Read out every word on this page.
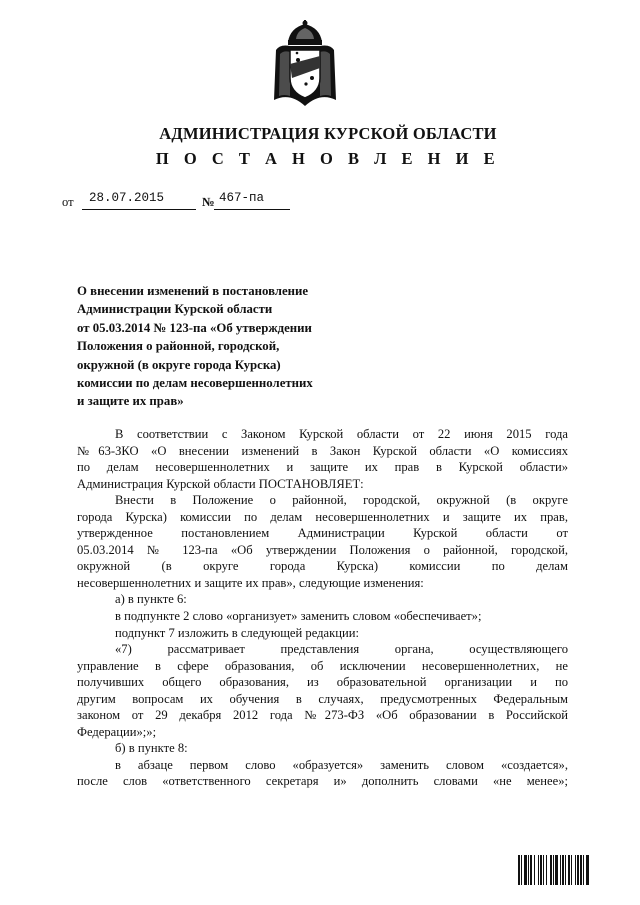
АДМИНИСТРАЦИЯ КУРСКОЙ ОБЛАСТИ
П О С Т А Н О В Л Е Н И Е
от 28.07.2015	№ 467-па
О внесении изменений в постановление
Администрации Курской области
от 05.03.2014 № 123-па «Об утверждении
Положения о районной, городской,
окружной (в округе города Курска)
комиссии по делам несовершеннолетних
и защите их прав»
В соответствии с Законом Курской области от 22 июня 2015 года
№63-ЗКО «О внесении изменений в Закон Курской области «О комиссиях
по делам несовершеннолетних и защите их прав в Курской области»
Администрация Курской области ПОСТАНОВЛЯЕТ:
Внести в Положение о районной, городской, окружной (в округе
города Курска) комиссии по делам несовершеннолетних и защите их прав,
утвержденное постановлением Администрации Курской области от
05.03.2014 № 123-па «Об утверждении Положения о районной, городской,
окружной (в округе города Курска) комиссии по делам
несовершеннолетних и защите их прав», следующие изменения:
а) в пункте 6:
в подпункте 2 слово «организует» заменить словом «обеспечивает»;
подпункт 7 изложить в следующей редакции:
«7) рассматривает представления органа, осуществляющего
управление в сфере образования, об исключении несовершеннолетних, не
получивших общего образования, из образовательной организации и по
другим вопросам их обучения в случаях, предусмотренных Федеральным
законом от 29 декабря 2012 года №273-ФЗ «Об образовании в Российской
Федерации»;»;
б) в пункте 8:
в абзаце первом слово «образуется» заменить словом «создается»,
после слов «ответственного секретаря и» дополнить словами «не менее»;
